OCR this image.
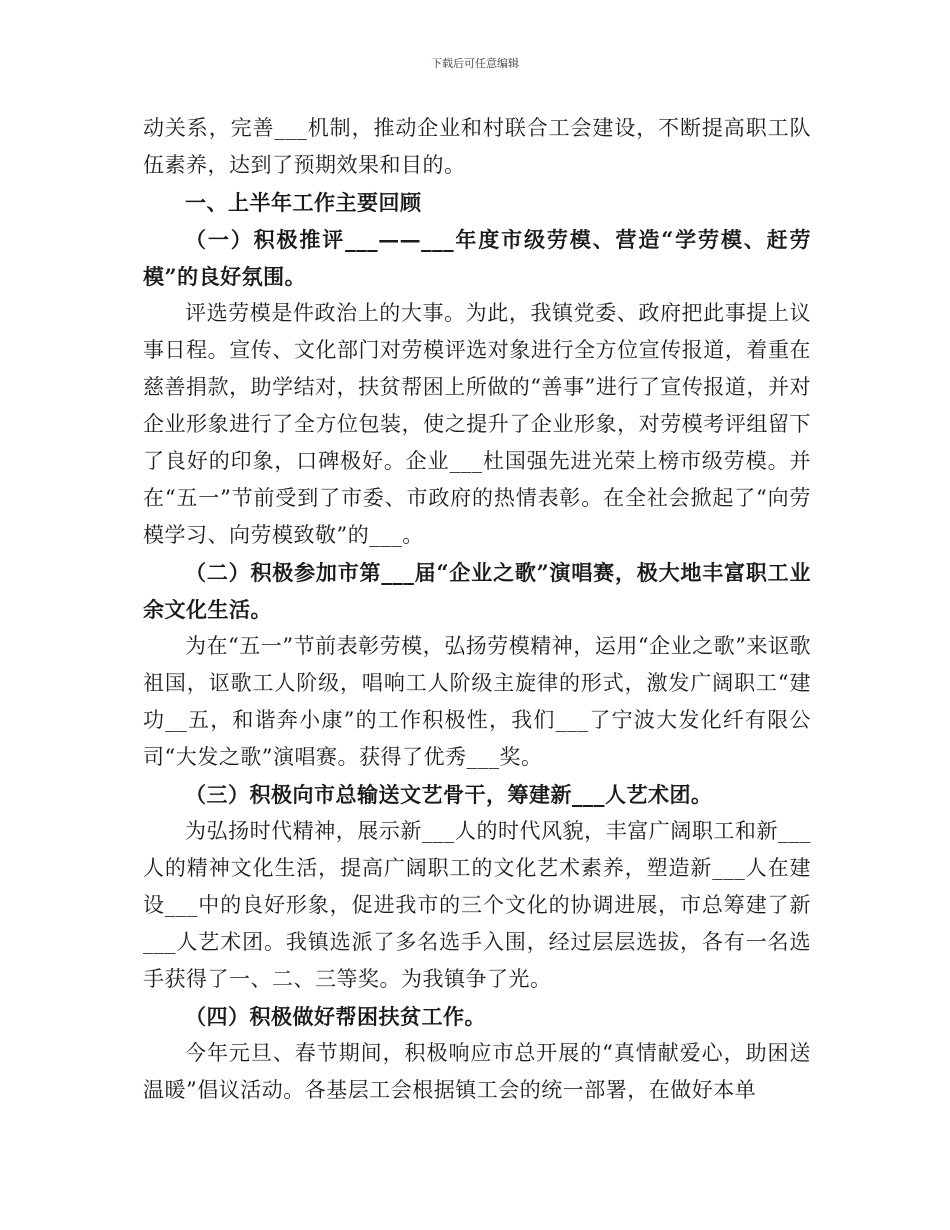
下载后可任意编辑

动关系，完善___机制，推动企业和村联合工会建设，不断提高职工队伍素养，达到了预期效果和目的。

一、上半年工作主要回顾

（一）积极推评___——___年度市级劳模、营造“学劳模、赶劳模”的良好氛围。

评选劳模是件政治上的大事。为此，我镇党委、政府把此事提上议事日程。宣传、文化部门对劳模评选对象进行全方位宣传报道，着重在慈善捐款，助学结对，扶贫帮困上所做的“善事”进行了宣传报道，并对企业形象进行了全方位包装，使之提升了企业形象，对劳模考评组留下了良好的印象，口碑极好。企业___杜国强先进光荣上榜市级劳模。并在“五一”节前受到了市委、市政府的热情表彰。在全社会掀起了“向劳模学习、向劳模致敬”的___。

（二）积极参加市第___届“企业之歌”演唱赛，极大地丰富职工业余文化生活。

为在“五一”节前表彰劳模，弘扬劳模精神，运用“企业之歌”来讴歌祖国，讴歌工人阶级，唱响工人阶级主旋律的形式，激发广阔职工“建功__五，和谐奔小康”的工作积极性，我们___了宁波大发化纤有限公司“大发之歌”演唱赛。获得了优秀___奖。

（三）积极向市总输送文艺骨干，筹建新___人艺术团。

为弘扬时代精神，展示新___人的时代风貌，丰富广阔职工和新___人的精神文化生活，提高广阔职工的文化艺术素养，塑造新___人在建设___中的良好形象，促进我市的三个文化的协调进展，市总筹建了新___人艺术团。我镇选派了多名选手入围，经过层层选拔，各有一名选手获得了一、二、三等奖。为我镇争了光。

（四）积极做好帮困扶贫工作。

今年元旦、春节期间，积极响应市总开展的“真情献爱心，助困送温暖”倡议活动。各基层工会根据镇工会的统一部署，在做好本单
